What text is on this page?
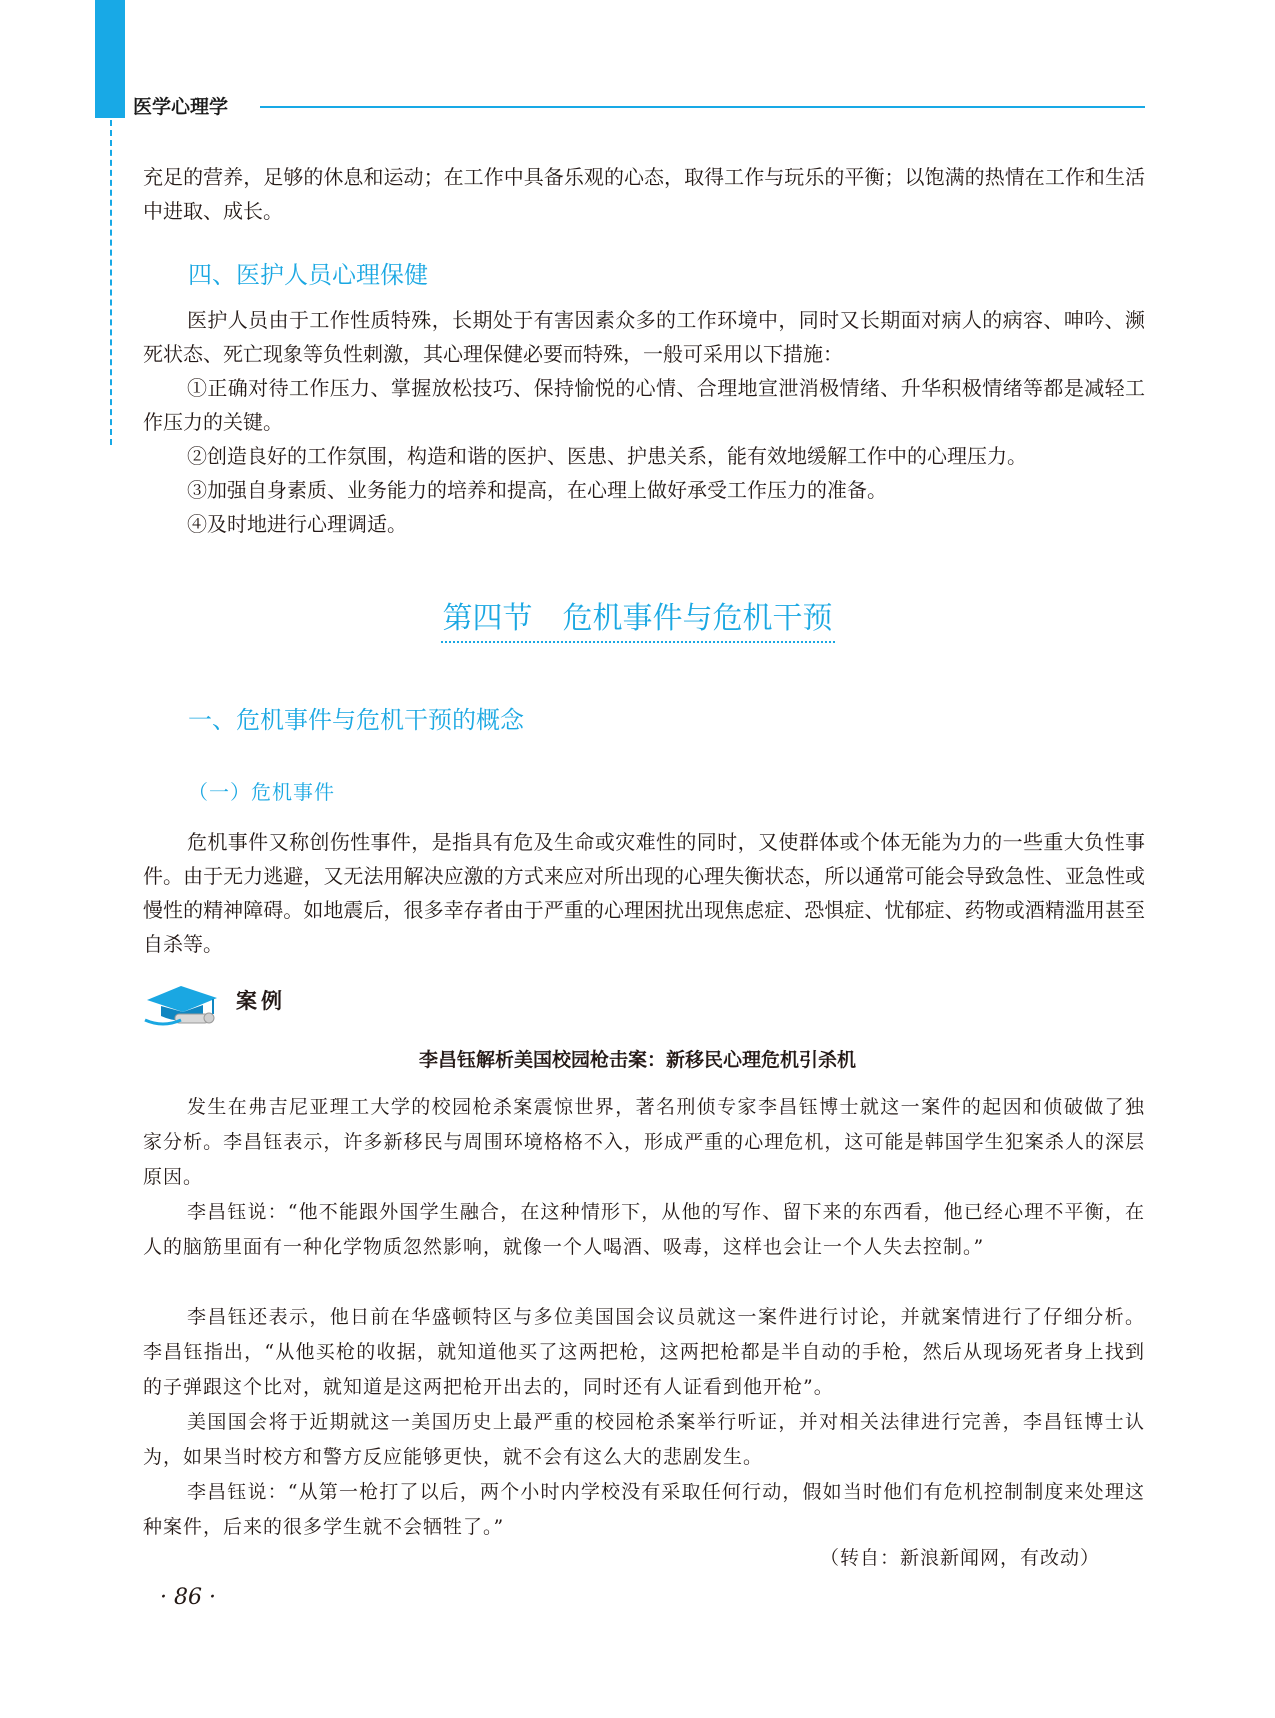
医学心理学

充足的营养，足够的休息和运动；在工作中具备乐观的心态，取得工作与玩乐的平衡；以饱满的热情在工作和生活中进取、成长。

四、医护人员心理保健

医护人员由于工作性质特殊，长期处于有害因素众多的工作环境中，同时又长期面对病人的病容、呻吟、濒死状态、死亡现象等负性刺激，其心理保健必要而特殊，一般可采用以下措施：

①正确对待工作压力、掌握放松技巧、保持愉悦的心情、合理地宣泄消极情绪、升华积极情绪等都是减轻工作压力的关键。

②创造良好的工作氛围，构造和谐的医护、医患、护患关系，能有效地缓解工作中的心理压力。

③加强自身素质、业务能力的培养和提高，在心理上做好承受工作压力的准备。

④及时地进行心理调适。

第四节　危机事件与危机干预
一、危机事件与危机干预的概念
（一）危机事件

危机事件又称创伤性事件，是指具有危及生命或灾难性的同时，又使群体或个体无能为力的一些重大负性事件。由于无力逃避，又无法用解决应激的方式来应对所出现的心理失衡状态，所以通常可能会导致急性、亚急性或慢性的精神障碍。如地震后，很多幸存者由于严重的心理困扰出现焦虑症、恐惧症、忧郁症、药物或酒精滥用甚至自杀等。

案例
李昌钰解析美国校园枪击案：新移民心理危机引杀机

发生在弗吉尼亚理工大学的校园枪杀案震惊世界，著名刑侦专家李昌钰博士就这一案件的起因和侦破做了独家分析。李昌钰表示，许多新移民与周围环境格格不入，形成严重的心理危机，这可能是韩国学生犯案杀人的深层原因。

李昌钰说：“他不能跟外国学生融合，在这种情形下，从他的写作、留下来的东西看，他已经心理不平衡，在人的脑筋里面有一种化学物质忽然影响，就像一个人喝酒、吸毒，这样也会让一个人失去控制。”

李昌钰还表示，他日前在华盛顿特区与多位美国国会议员就这一案件进行讨论，并就案情进行了仔细分析。李昌钰指出，“从他买枪的收据，就知道他买了这两把枪，这两把枪都是半自动的手枪，然后从现场死者身上找到的子弹跟这个比对，就知道是这两把枪开出去的，同时还有人证看到他开枪”。

美国国会将于近期就这一美国历史上最严重的校园枪杀案举行听证，并对相关法律进行完善，李昌钰博士认为，如果当时校方和警方反应能够更快，就不会有这么大的悲剧发生。

李昌钰说：“从第一枪打了以后，两个小时内学校没有采取任何行动，假如当时他们有危机控制制度来处理这种案件，后来的很多学生就不会牺牲了。”

（转自：新浪新闻网，有改动）
· 86 ·
